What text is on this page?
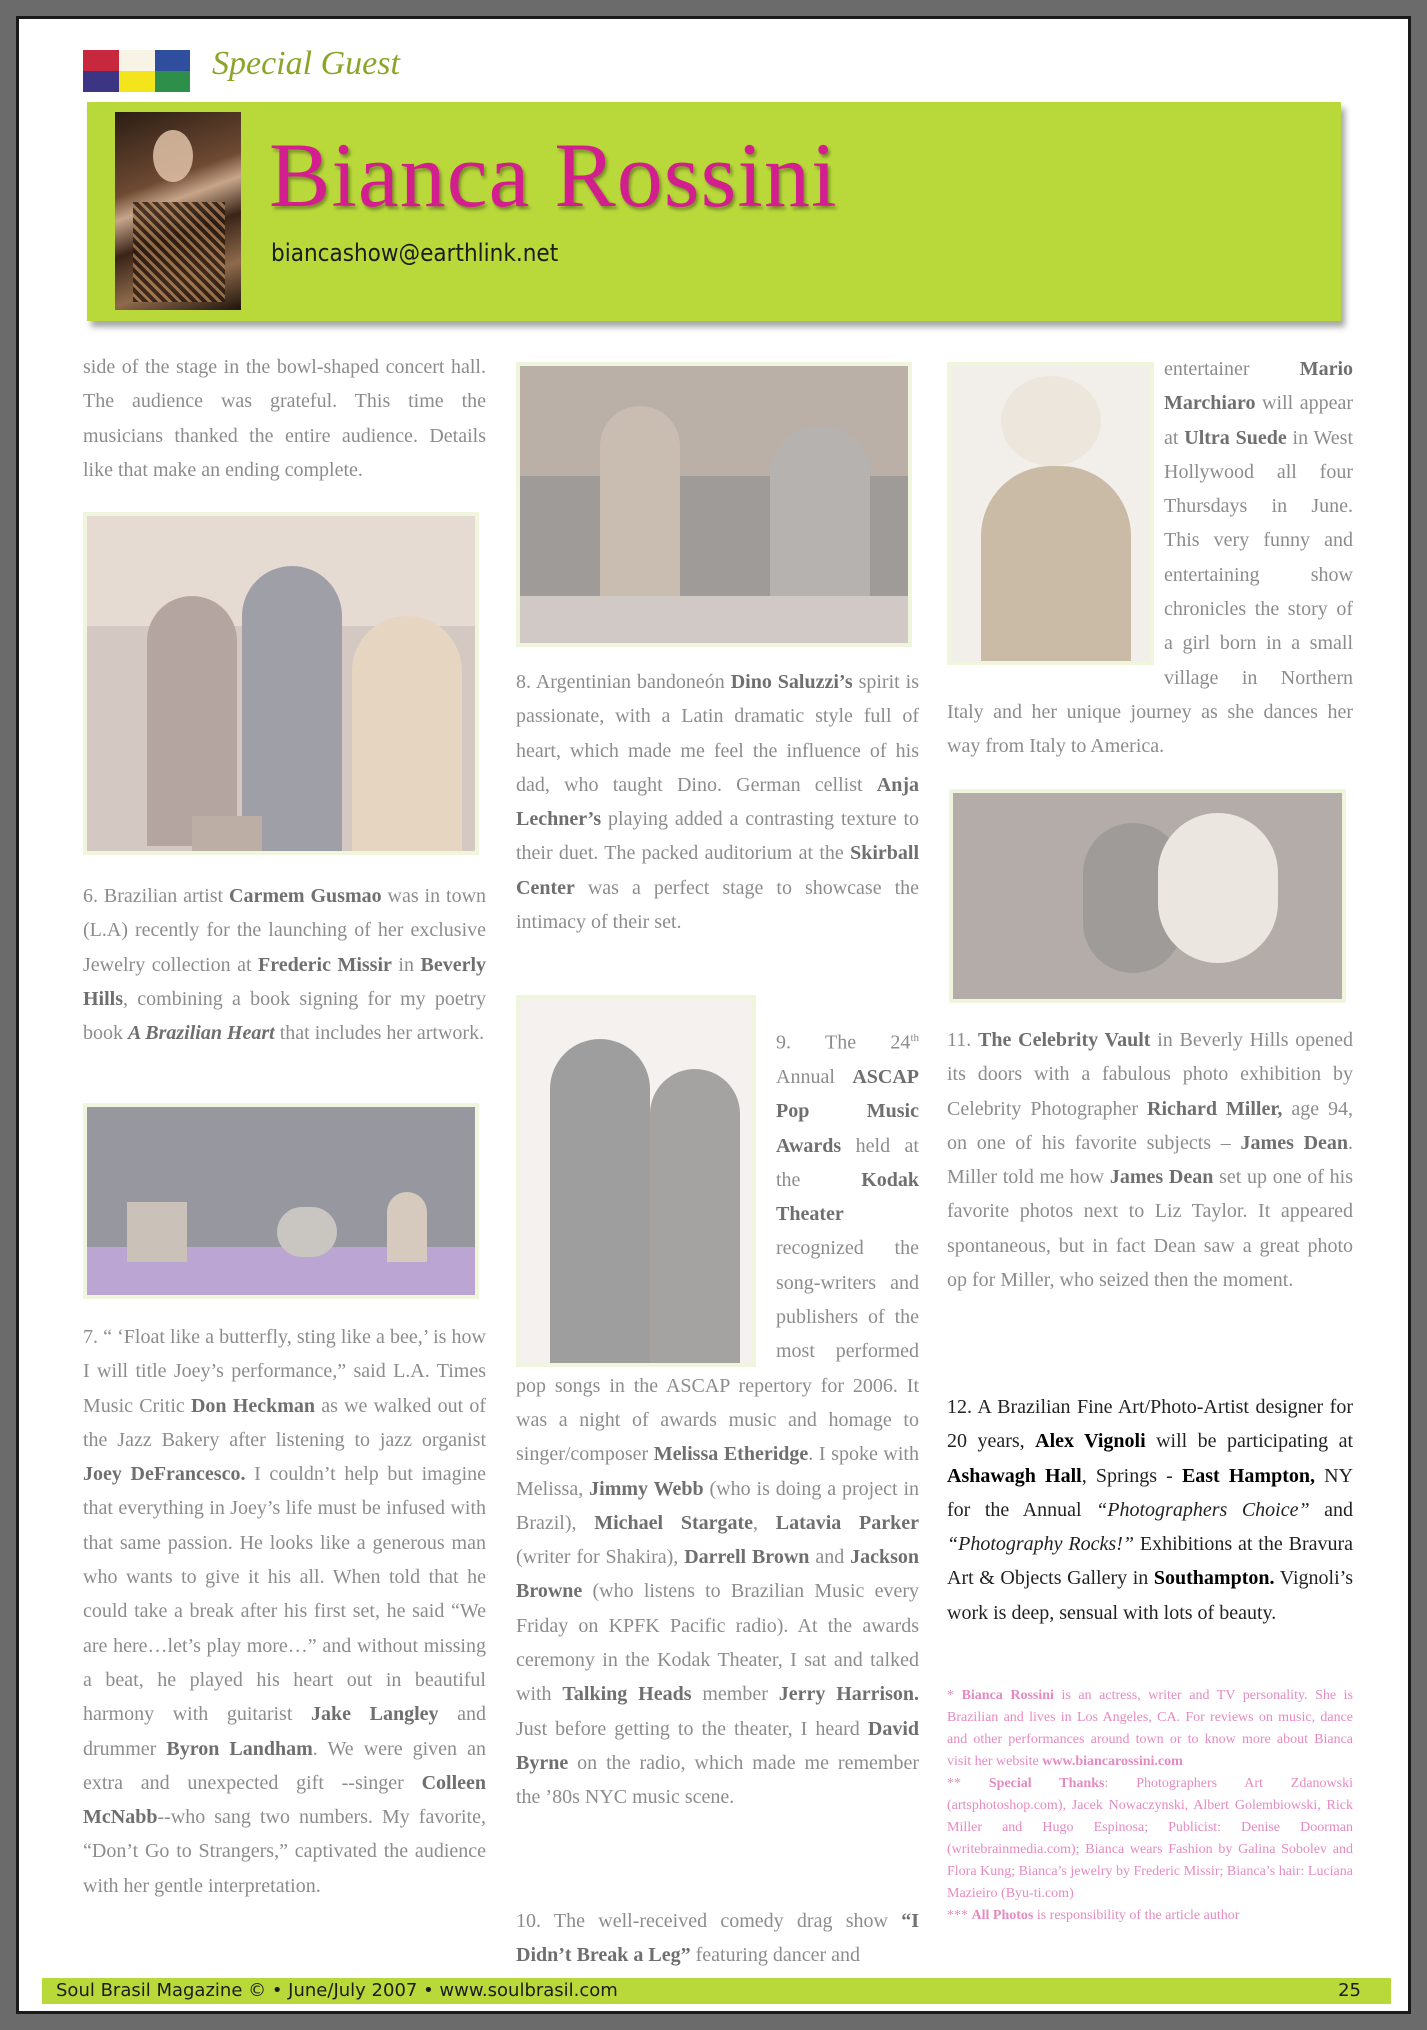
Special Guest
Bianca Rossini
biancashow@earthlink.net
side of the stage in the bowl-shaped concert hall. The audience was grateful. This time the musicians thanked the entire audience. Details like that make an ending complete.
6. Brazilian artist Carmem Gusmao was in town (L.A) recently for the launching of her exclusive Jewelry collection at Frederic Missir in Beverly Hills, combining a book signing for my poetry book A Brazilian Heart that includes her artwork.
7. “ ‘Float like a butterfly, sting like a bee,’ is how I will title Joey’s performance,” said L.A. Times Music Critic Don Heckman as we walked out of the Jazz Bakery after listening to jazz organist Joey DeFrancesco. I couldn’t help but imagine that everything in Joey’s life must be infused with that same passion. He looks like a generous man who wants to give it his all. When told that he could take a break after his first set, he said “We are here…let’s play more…” and without missing a beat, he played his heart out in beautiful harmony with guitarist Jake Langley and drummer Byron Landham. We were given an extra and unexpected gift --singer Colleen McNabb--who sang two numbers. My favorite, “Don’t Go to Strangers,” captivated the audience with her gentle interpretation.
8. Argentinian bandoneón Dino Saluzzi’s spirit is passionate, with a Latin dramatic style full of heart, which made me feel the influence of his dad, who taught Dino. German cellist Anja Lechner’s playing added a contrasting texture to their duet. The packed auditorium at the Skirball Center was a perfect stage to showcase the intimacy of their set.
9. The 24th Annual ASCAP Pop Music Awards held at the	Kodak Theater recognized the song-writers and publishers of the most performed pop songs in the ASCAP repertory for 2006. It was a night of awards music and homage to singer/composer Melissa Etheridge. I spoke with Melissa, Jimmy Webb (who is doing a project in Brazil), Michael Stargate, Latavia Parker (writer for Shakira), Darrell Brown and Jackson Browne (who listens to Brazilian Music every Friday on KPFK Pacific radio). At the awards ceremony in the Kodak Theater, I sat and talked with Talking Heads member Jerry Harrison. Just before getting to the theater, I heard David Byrne on the radio, which made me remember the ’80s NYC music scene.
10. The well-received comedy drag show “I Didn’t Break a Leg” featuring dancer and
entertainer	Mario Marchiaro will appear at Ultra Suede in West Hollywood all four Thursdays in June. This very funny and entertaining show chronicles the story of a girl born in a small village in Northern Italy and her unique journey as she dances her way from Italy to America.
11. The Celebrity Vault in Beverly Hills opened its doors with a fabulous photo exhibition by Celebrity Photographer Richard Miller, age 94, on one of his favorite subjects – James Dean. Miller told me how James Dean set up one of his favorite photos next to Liz Taylor. It appeared spontaneous, but in fact Dean saw a great photo op for Miller, who seized then the moment.
12. A Brazilian Fine Art/Photo-Artist designer for 20 years, Alex Vignoli will be participating at Ashawagh Hall, Springs - East Hampton, NY for the Annual “Photographers Choice” and “Photography Rocks!” Exhibitions at the Bravura Art & Objects Gallery in Southampton. Vignoli’s work is deep, sensual with lots of beauty.
* Bianca Rossini is an actress, writer and TV personality. She is Brazilian and lives in Los Angeles, CA. For reviews on music, dance and other performances around town or to know more about Bianca visit her website www.biancarossini.com
** Special Thanks: Photographers Art Zdanowski (artsphotoshop.com), Jacek Nowaczynski, Albert Golembiowski, Rick Miller and Hugo Espinosa; Publicist: Denise Doorman (writebrainmedia.com); Bianca wears Fashion by Galina Sobolev and Flora Kung; Bianca’s jewelry by Frederic Missir; Bianca’s hair: Luciana Mazieiro (Byu-ti.com)
*** All Photos is responsibility of the article author
Soul Brasil Magazine © • June/July 2007 • www.soulbrasil.com	25
